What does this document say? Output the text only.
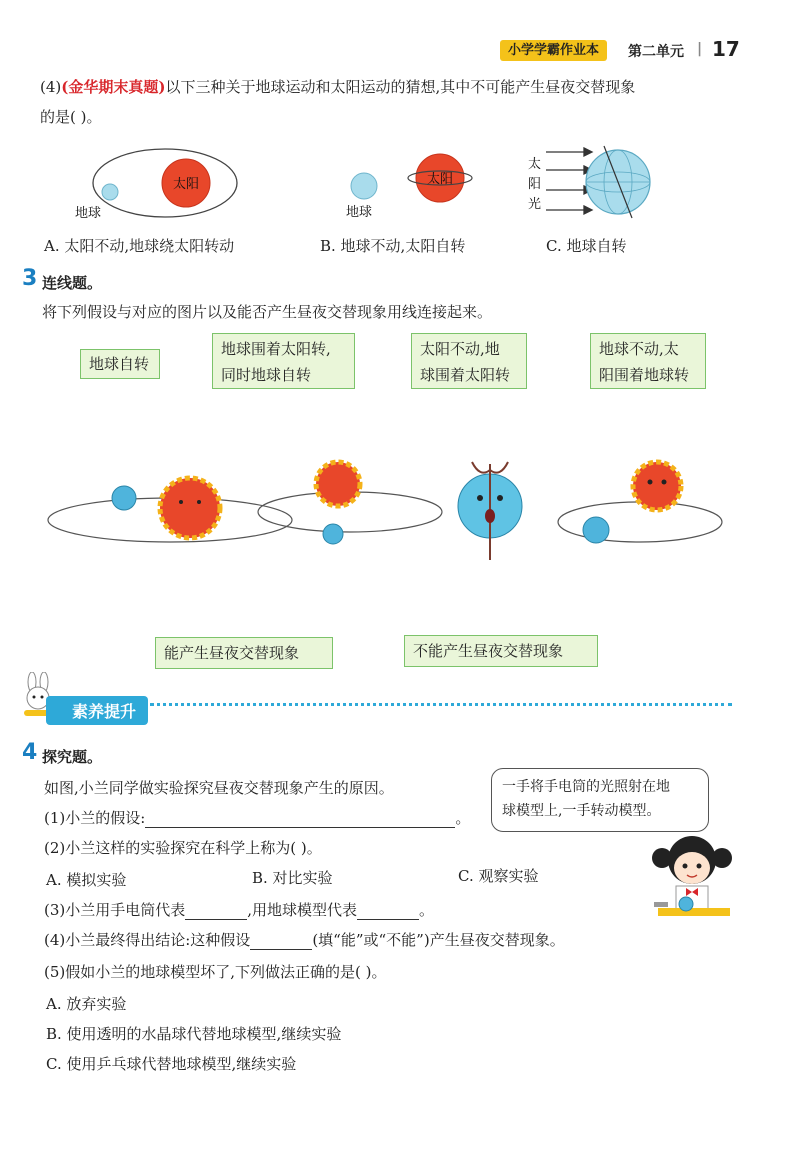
小学学霸作业本	第二单元 | 17
(4)(金华期末真题)以下三种关于地球运动和太阳运动的猜想,其中不可能产生昼夜交替现象
的是( )。
太阳
地球	地球
太阳
太
阳
光
A. 太阳不动,地球绕太阳转动	B. 地球不动,太阳自转	C. 地球自转
3 连线题。
将下列假设与对应的图片以及能否产生昼夜交替现象用线连接起来。
地球自转
地球围着太阳转,
同时地球自转
太阳不动,地
球围着太阳转
地球不动,太
阳围着地球转
能产生昼夜交替现象	不能产生昼夜交替现象
素养提升
4 探究题。
如图,小兰同学做实验探究昼夜交替现象产生的原因。	一手将手电筒的光照射在地
球模型上,一手转动模型。
(1)小兰的假设:	。
(2)小兰这样的实验探究在科学上称为( )。
A. 模拟实验	B. 对比实验	C. 观察实验
(3)小兰用手电筒代表	,用地球模型代表	。
(4)小兰最终得出结论:这种假设	(填“能”或“不能”)产生昼夜交替现象。
(5)假如小兰的地球模型坏了,下列做法正确的是( )。
A. 放弃实验
B. 使用透明的水晶球代替地球模型,继续实验
C. 使用乒乓球代替地球模型,继续实验
